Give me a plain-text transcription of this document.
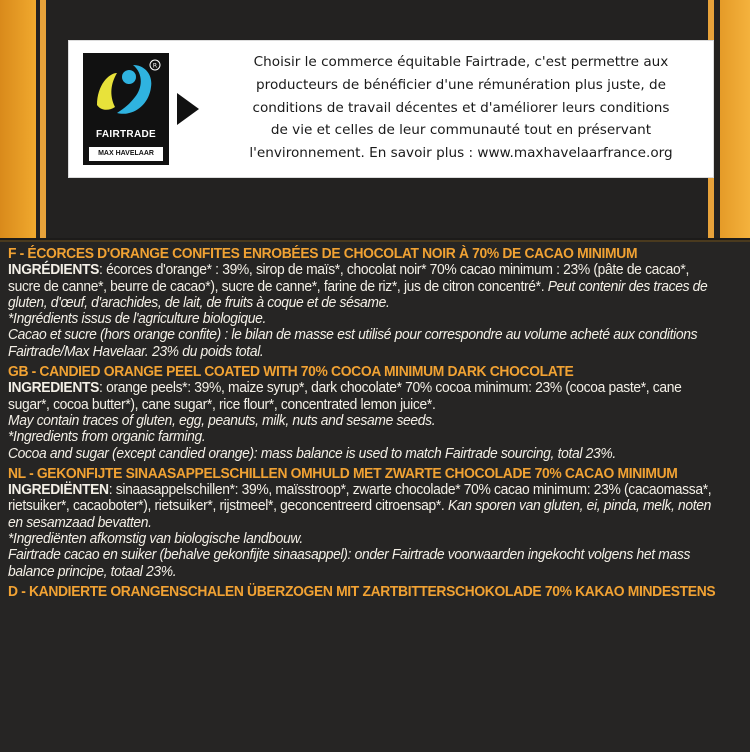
R
FAIRTRADE
MAX HAVELAAR
Choisir le commerce équitable Fairtrade, c'est permettre aux
producteurs de bénéficier d'une rémunération plus juste, de
conditions de travail décentes et d'améliorer leurs conditions
de vie et celles de leur communauté tout en préservant
l'environnement. En savoir plus : www.maxhavelaarfrance.org
F - ÉCORCES D'ORANGE CONFITES ENROBÉES DE CHOCOLAT NOIR À 70% DE CACAO MINIMUM
INGRÉDIENTS: écorces d'orange* : 39%, sirop de maïs*, chocolat noir* 70% cacao minimum : 23% (pâte de cacao*, sucre de canne*, beurre de cacao*), sucre de canne*, farine de riz*, jus de citron concentré*. Peut contenir des traces de gluten, d'œuf, d'arachides, de lait, de fruits à coque et de sésame.
*Ingrédients issus de l'agriculture biologique.
Cacao et sucre (hors orange confite) : le bilan de masse est utilisé pour correspondre au volume acheté aux conditions Fairtrade/Max Havelaar. 23% du poids total.
GB - CANDIED ORANGE PEEL COATED WITH 70% COCOA MINIMUM DARK CHOCOLATE
INGREDIENTS: orange peels*: 39%, maize syrup*, dark chocolate* 70% cocoa minimum: 23% (cocoa paste*, cane sugar*, cocoa butter*), cane sugar*, rice flour*, concentrated lemon juice*.
May contain traces of gluten, egg, peanuts, milk, nuts and sesame seeds.
*Ingredients from organic farming.
Cocoa and sugar (except candied orange): mass balance is used to match Fairtrade sourcing, total 23%.
NL - GEKONFIJTE SINAASAPPELSCHILLEN OMHULD MET ZWARTE CHOCOLADE 70% CACAO MINIMUM
INGREDIËNTEN: sinaasappelschillen*: 39%, maïsstroop*, zwarte chocolade* 70% cacao minimum: 23% (cacaomassa*, rietsuiker*, cacaoboter*), rietsuiker*, rijstmeel*, geconcentreerd citroensap*. Kan sporen van gluten, ei, pinda, melk, noten en sesamzaad bevatten.
*Ingrediënten afkomstig van biologische landbouw.
Fairtrade cacao en suiker (behalve gekonfijte sinaasappel): onder Fairtrade voorwaarden ingekocht volgens het mass balance principe, totaal 23%.
D - KANDIERTE ORANGENSCHALEN ÜBERZOGEN MIT ZARTBITTERSCHOKOLADE 70% KAKAO MINDESTENS
